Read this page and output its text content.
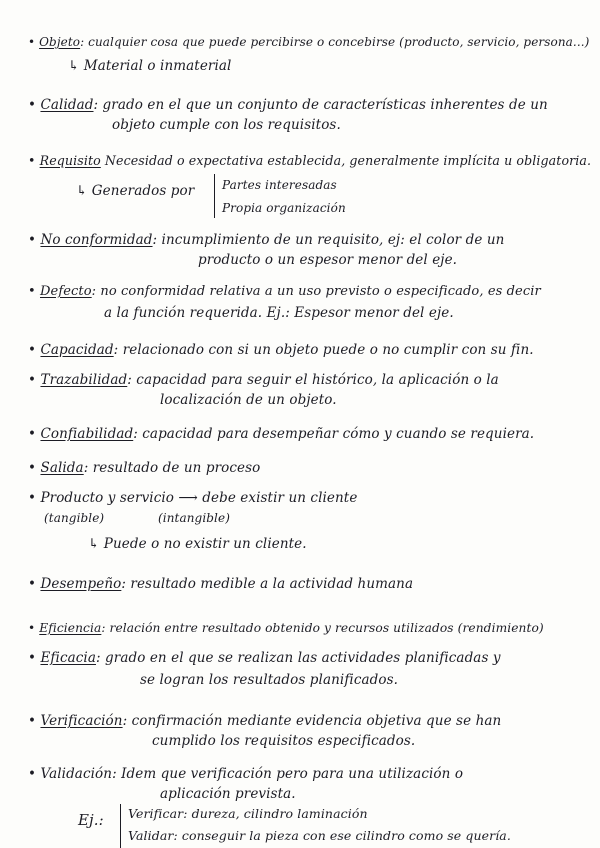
• Objeto: cualquier cosa que puede percibirse o concebirse (producto, servicio, persona...)
↳ Material o inmaterial
• Calidad: grado en el que un conjunto de características inherentes de un
objeto cumple con los requisitos.
• Requisito Necesidad o expectativa establecida, generalmente implícita u obligatoria.
↳ Generados por Partes interesadas
Propia organización
• No conformidad: incumplimiento de un requisito, ej: el color de un
producto o un espesor menor del eje.
• Defecto: no conformidad relativa a un uso previsto o especificado, es decir
a la función requerida. Ej.: Espesor menor del eje.
• Capacidad: relacionado con si un objeto puede o no cumplir con su fin.
• Trazabilidad: capacidad para seguir el histórico, la aplicación o la
localización de un objeto.
• Confiabilidad: capacidad para desempeñar cómo y cuando se requiera.
• Salida: resultado de un proceso
• Producto y servicio ⟶ debe existir un cliente
(tangible)	(intangible)
↳ Puede o no existir un cliente.
• Desempeño: resultado medible a la actividad humana
• Eficiencia: relación entre resultado obtenido y recursos utilizados (rendimiento)
• Eficacia: grado en el que se realizan las actividades planificadas y
se logran los resultados planificados.
• Verificación: confirmación mediante evidencia objetiva que se han
cumplido los requisitos especificados.
• Validación: Idem que verificación pero para una utilización o
aplicación prevista.
Ej.: Verificar: durezа, cilindro laminación
Validar: conseguir la pieza con ese cilindro como se quería.
